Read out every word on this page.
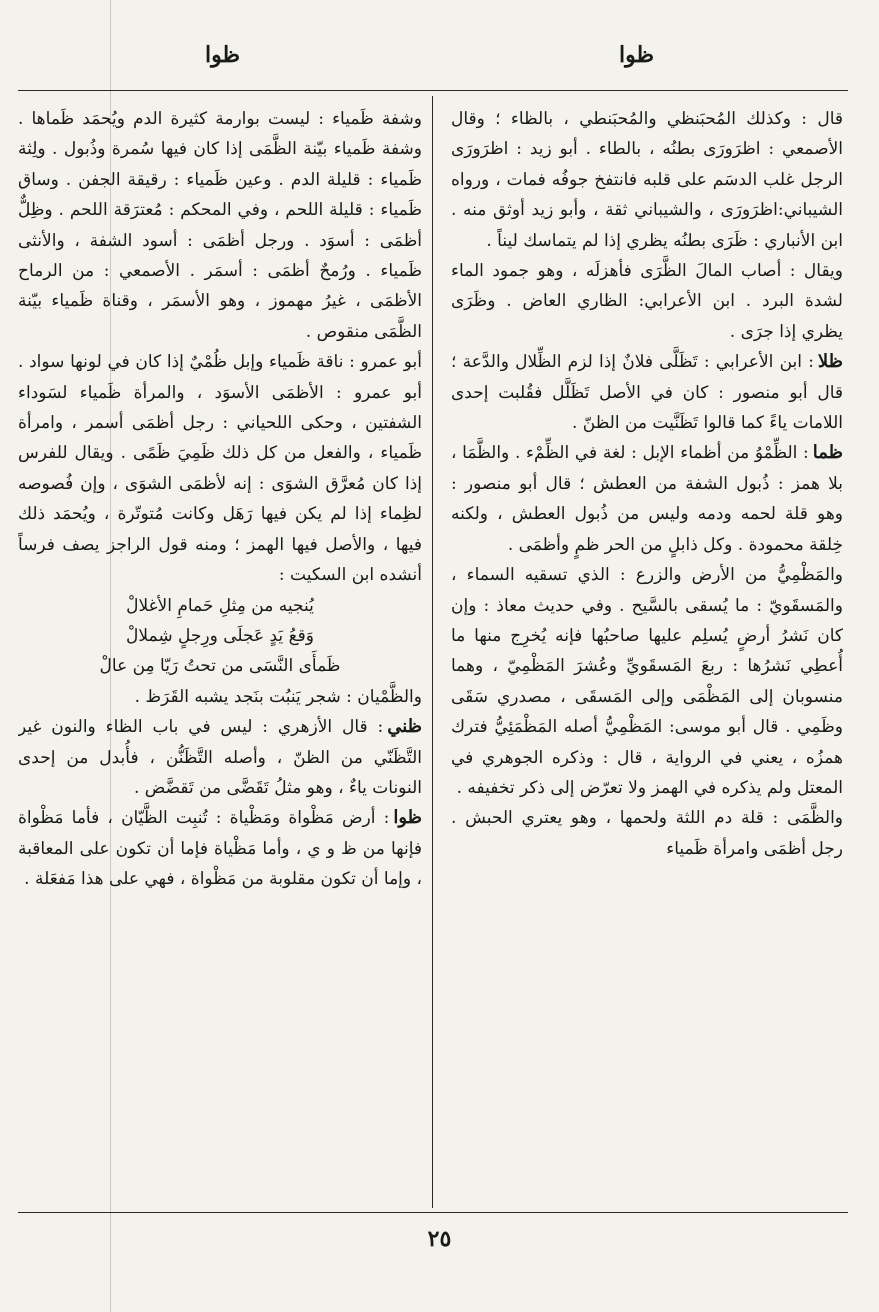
ظوا
ظوا

قال : وكذلك المُحبَنظي والمُحبَنطي ، بالظاء ؛ وقال الأصمعي : اظرَورَى بطنُه ، بالطاء . أبو زيد : اظرَورَى الرجل غلب الدسَم على قلبه فانتفخ جوفُه فمات ، ورواه الشيباني:اظرَورَى ، والشيباني ثقة ، وأبو زيد أوثق منه . ابن الأنباري : ظَرَى بطنُه يظري إذا لم يتماسك ليناً .

ويقال : أصاب المالَ الظَّرَى فأهزلَه ، وهو جمود الماء لشدة البرد . ابن الأعرابي: الظاري العاض . وظَرَى يظري إذا جرَى .

ظلا: ابن الأعرابي : تَظَلَّى فلانٌ إذا لزم الظِّلال والدَّعة ؛ قال أبو منصور : كان في الأصل تَظَلَّل فقُلبت إحدى اللامات ياءً كما قالوا تَظَنَّيت من الظنّ .

ظما: الظِّمْوُ من أظماء الإبل : لغة في الظِّمْء . والظَّمَا ، بلا همز : ذُبول الشفة من العطش ؛ قال أبو منصور : وهو قلة لحمه ودمه وليس من ذُبول العطش ، ولكنه خِلقة محمودة . وكل ذابلٍ من الحر ظمٍ وأظمَى .

والمَظْمِيُّ من الأرض والزرع : الذي تسقيه السماء ، والمَسقَويّ : ما يُسقى بالسَّيح . وفي حديث معاذ : وإن كان نَشرُ أرضٍ يُسلِم عليها صاحبُها فإنه يُخرِج منها ما أُعطِي نَشرُها : ربعَ المَسقَويِّ وعُشرَ المَظْمِيّ ، وهما منسوبان إلى المَظْمَى وإلى المَسقَى ، مصدري سَقَى وظَمِي . قال أبو موسى: المَظْمِيُّ أصله المَظْمَئِيُّ فترك همزُه ، يعني في الرواية ، قال : وذكره الجوهري في المعتل ولم يذكره في الهمز ولا تعرّض إلى ذكر تخفيفه .

والظَّمَى : قلة دم اللثة ولحمها ، وهو يعتري الحبش . رجل أظمَى وامرأة ظَمياء

وشفة ظَمياء : ليست بوارمة كثيرة الدم ويُحمَد ظَماها . وشفة ظَمياء بيّنة الظَّمَى إذا كان فيها سُمرة وذُبول . ولِثة ظَمياء : قليلة الدم . وعين ظَمياء : رقيقة الجفن . وساق ظَمياء : قليلة اللحم ، وفي المحكم : مُعترَقة اللحم . وظِلٌّ أظمَى : أسوَد . ورجل أظمَى : أسود الشفة ، والأنثى ظَمياء . ورُمحٌ أظمَى : أسمَر . الأصمعي : من الرماح الأظمَى ، غيرُ مهموز ، وهو الأسمَر ، وقناة ظَمياء بيّنة الظَّمَى منقوص .

أبو عمرو : ناقة ظَمياء وإبل ظُمْيٌ إذا كان في لونها سواد . أبو عمرو : الأظمَى الأسوَد ، والمرأة ظَمياء لسَوداء الشفتين ، وحكى اللحياني : رجل أظمَى أسمر ، وامرأة ظَمياء ، والفعل من كل ذلك ظَمِيَ ظَمًى . ويقال للفرس إذا كان مُعرَّق الشوَى : إنه لأظمَى الشوَى ، وإن فُصوصه لظِماء إذا لم يكن فيها رَهَل وكانت مُتوتّرة ، ويُحمَد ذلك فيها ، والأصل فيها الهمز ؛ ومنه قول الراجز يصف فرساً أنشده ابن السكيت :

يُنجيه من مِثلِ حَمامِ الأغلالْ

وَقعُ يَدٍ عَجلَى ورِجلٍ شِملالْ

ظَمأَى النَّسَى من تحتُ رَيّا مِن عالْ

والظَّمْيان : شجر يَنبُت بنَجد يشبه القَرَظ .

ظني: قال الأزهري : ليس في باب الظاء والنون غير التَّظَنّي من الظنّ ، وأصله التَّظَنُّن ، فأُبدل من إحدى النونات ياءٌ ، وهو مثلُ تَقَضَّى من تَقضَّض .

ظوا: أرض مَظْواة ومَظْياة : تُنبِت الظَّيّان ، فأما مَظْواة فإنها من ظ و ي ، وأما مَظْياة فإما أن تكون على المعاقبة ، وإما أن تكون مقلوبة من مَظْواة ، فهي على هذا مَفعَلة .

٢٥
